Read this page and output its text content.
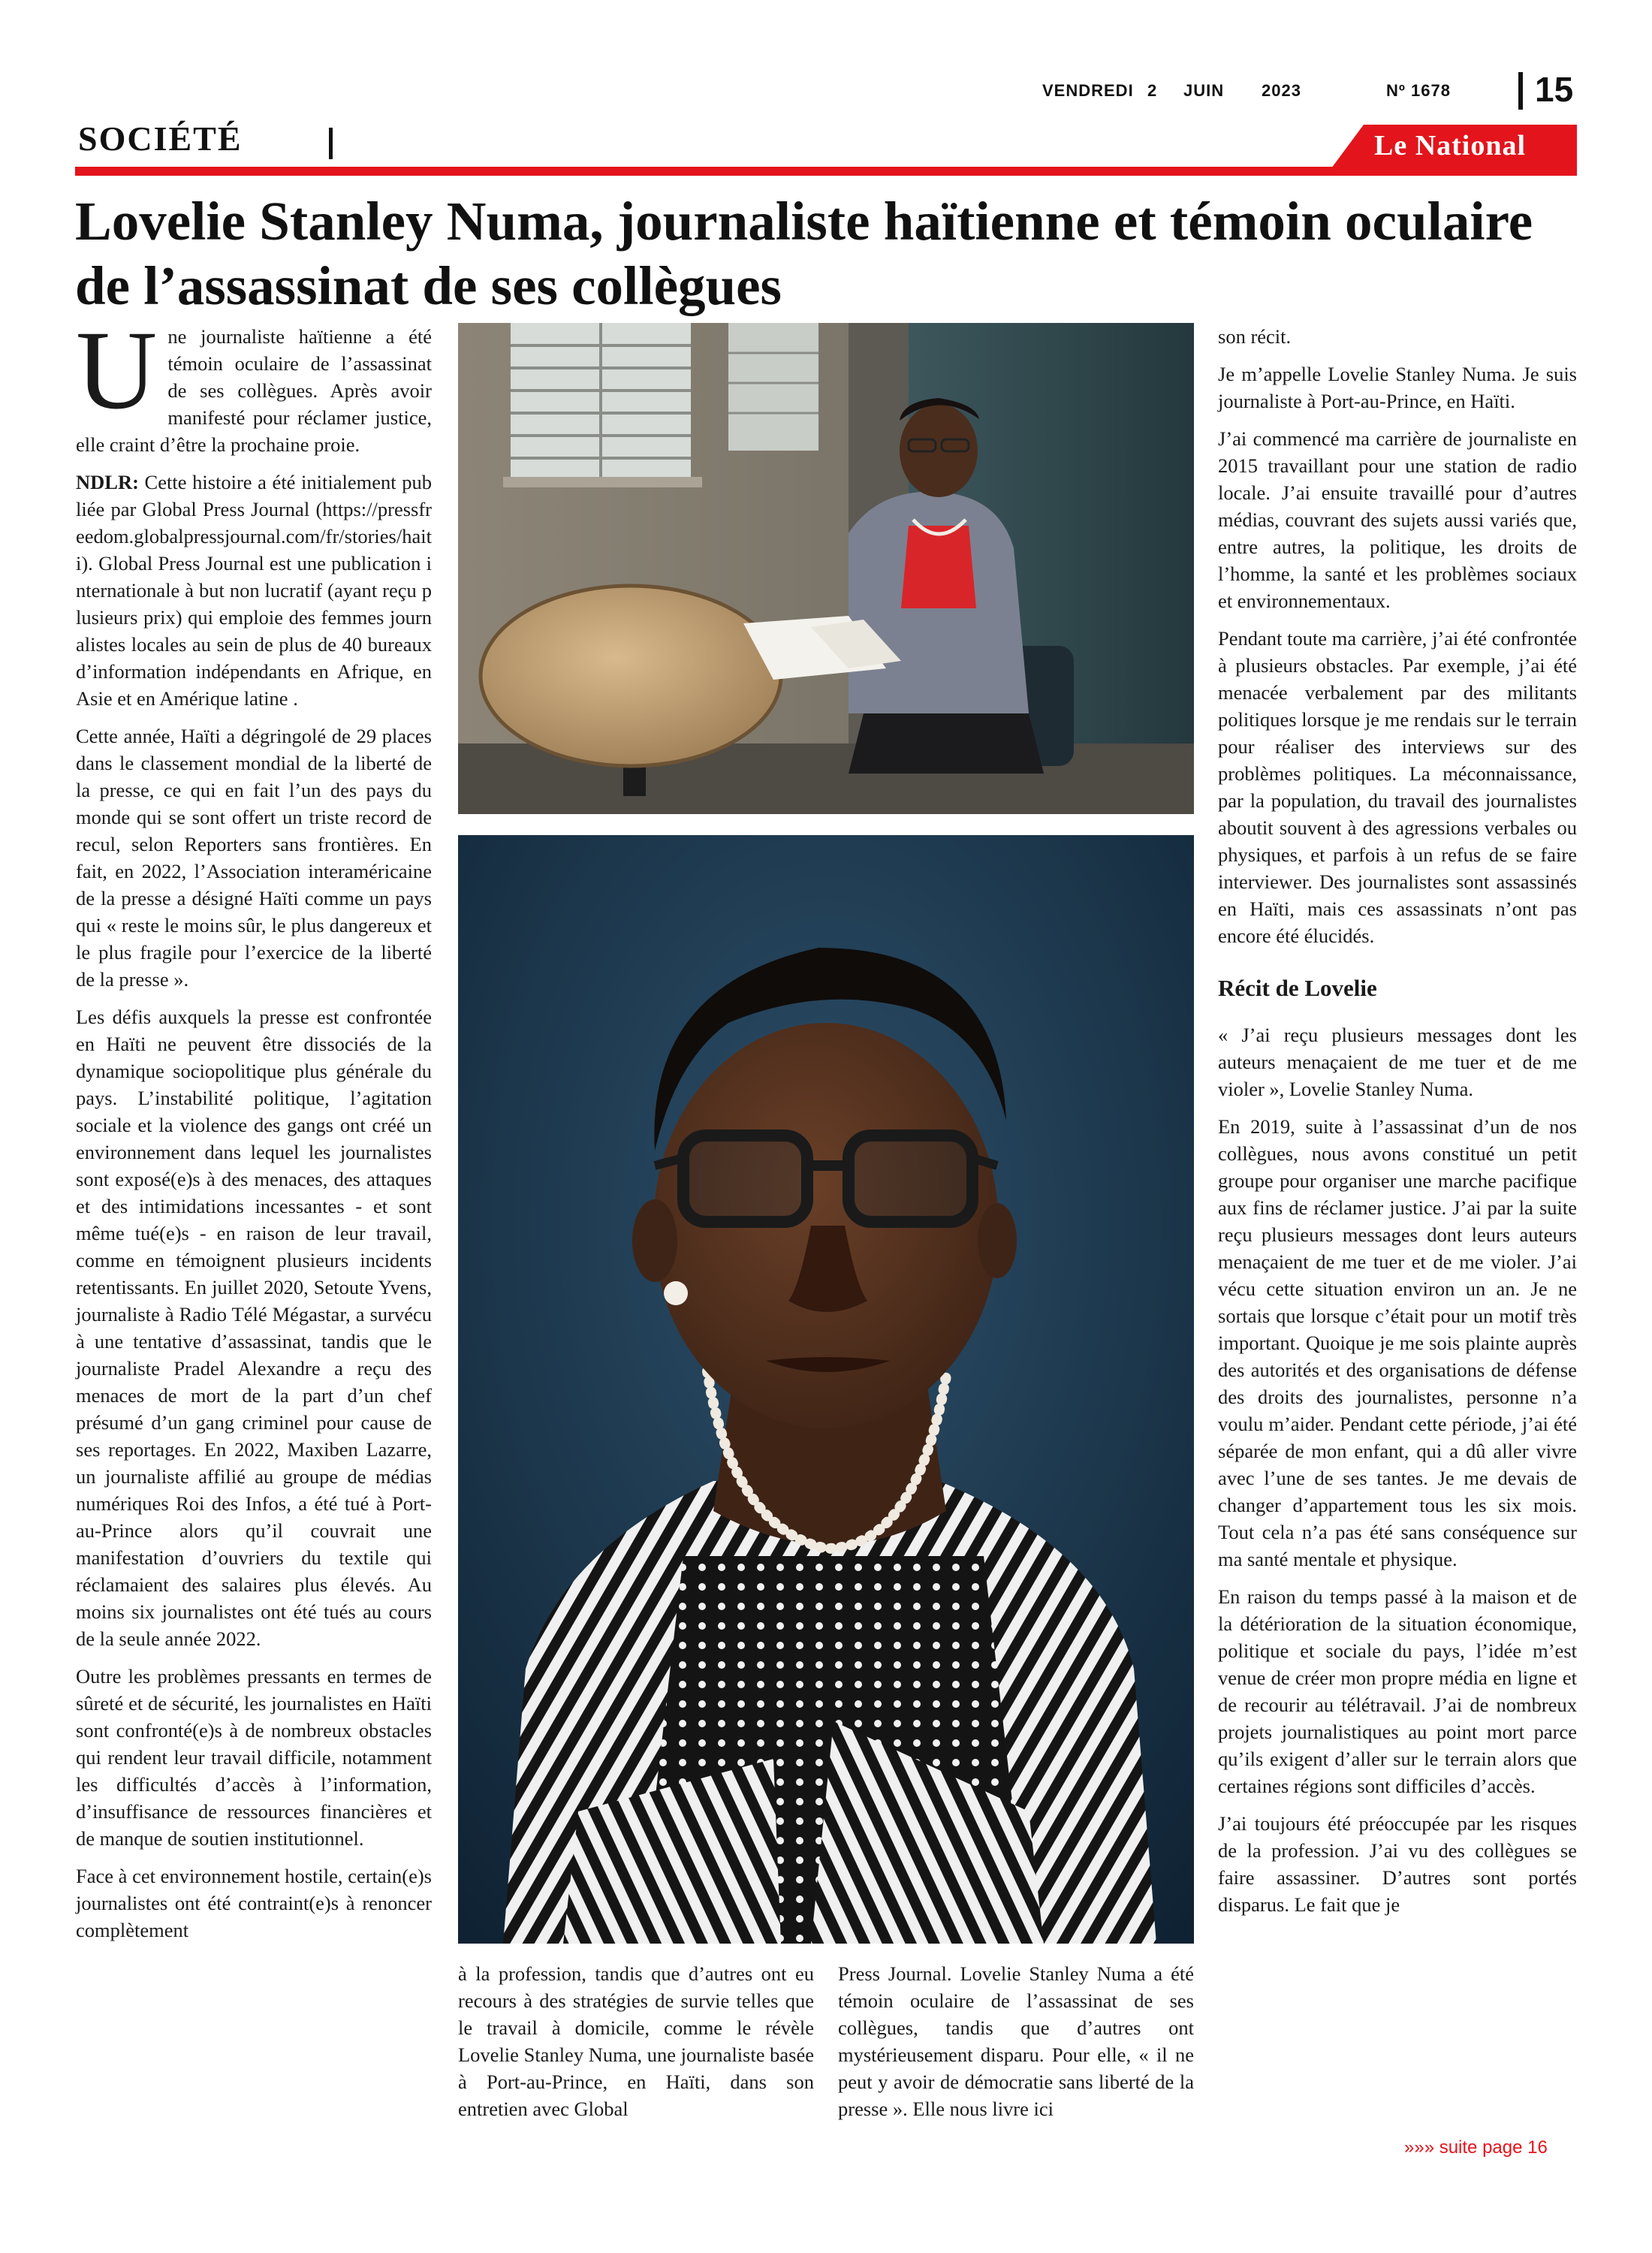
VENDREDI 2 JUIN 2023	Nº 1678 15
SOCIÉTÉ	Le National
Lovelie Stanley Numa, journaliste haïtienne et témoin oculaire de l’assassinat de ses collègues

U ne journaliste haïtienne a été témoin oculaire de l’assassinat de ses collègues. Après avoir manifesté pour réclamer justice, elle craint d’être la prochaine proie.

NDLR: Cette histoire a été initialement publiée par Global Press Journal (https://pressfreedom.globalpressjournal.com/fr/stories/haiti). Global Press Journal est une publication internationale à but non lucratif (ayant reçu plusieurs prix) qui emploie des femmes journalistes locales au sein de plus de 40 bureaux d’information indépendants en Afrique, en Asie et en Amérique latine .

Cette année, Haïti a dégringolé de 29 places dans le classement mondial de la liberté de la presse, ce qui en fait l’un des pays du monde qui se sont offert un triste record de recul, selon Reporters sans frontières. En fait, en 2022, l’Association interaméricaine de la presse a désigné Haïti comme un pays qui « reste le moins sûr, le plus dangereux et le plus fragile pour l’exercice de la liberté de la presse ».

Les défis auxquels la presse est confrontée en Haïti ne peuvent être dissociés de la dynamique sociopolitique plus générale du pays. L’instabilité politique, l’agitation sociale et la violence des gangs ont créé un environnement dans lequel les journalistes sont exposé(e)s à des menaces, des attaques et des intimidations incessantes - et sont même tué(e)s - en raison de leur travail, comme en témoignent plusieurs incidents retentissants. En juillet 2020, Setoute Yvens, journaliste à Radio Télé Mégastar, a survécu à une tentative d’assassinat, tandis que le journaliste Pradel Alexandre a reçu des menaces de mort de la part d’un chef présumé d’un gang criminel pour cause de ses reportages. En 2022, Maxiben Lazarre, un journaliste affilié au groupe de médias numériques Roi des Infos, a été tué à Port-au-Prince alors qu’il couvrait une manifestation d’ouvriers du textile qui réclamaient des salaires plus élevés. Au moins six journalistes ont été tués au cours de la seule année 2022.

Outre les problèmes pressants en termes de sûreté et de sécurité, les journalistes en Haïti sont confronté(e)s à de nombreux obstacles qui rendent leur travail difficile, notamment les difficultés d’accès à l’information, d’insuffisance de ressources financières et de manque de soutien institutionnel.

Face à cet environnement hostile, certain(e)s journalistes ont été contraint(e)s à renoncer complètement

à la profession, tandis que d’autres ont eu recours à des stratégies de survie telles que le travail à domicile, comme le révèle Lovelie Stanley Numa, une journaliste basée à Port-au-Prince, en Haïti, dans son entretien avec Global

Press Journal. Lovelie Stanley Numa a été témoin oculaire de l’assassinat de ses collègues, tandis que d’autres ont mystérieusement disparu. Pour elle, « il ne peut y avoir de démocratie sans liberté de la presse ». Elle nous livre ici

son récit.

Je m’appelle Lovelie Stanley Numa. Je suis journaliste à Port-au-Prince, en Haïti.

J’ai commencé ma carrière de journaliste en 2015 travaillant pour une station de radio locale. J’ai ensuite travaillé pour d’autres médias, couvrant des sujets aussi variés que, entre autres, la politique, les droits de l’homme, la santé et les problèmes sociaux et environnementaux.

Pendant toute ma carrière, j’ai été confrontée à plusieurs obstacles. Par exemple, j’ai été menacée verbalement par des militants politiques lorsque je me rendais sur le terrain pour réaliser des interviews sur des problèmes politiques. La méconnaissance, par la population, du travail des journalistes aboutit souvent à des agressions verbales ou physiques, et parfois à un refus de se faire interviewer. Des journalistes sont assassinés en Haïti, mais ces assassinats n’ont pas encore été élucidés.

Récit de Lovelie

« J’ai reçu plusieurs messages dont les auteurs menaçaient de me tuer et de me violer », Lovelie Stanley Numa.

En 2019, suite à l’assassinat d’un de nos collègues, nous avons constitué un petit groupe pour organiser une marche pacifique aux fins de réclamer justice. J’ai par la suite reçu plusieurs messages dont leurs auteurs menaçaient de me tuer et de me violer. J’ai vécu cette situation environ un an. Je ne sortais que lorsque c’était pour un motif très important. Quoique je me sois plainte auprès des autorités et des organisations de défense des droits des journalistes, personne n’a voulu m’aider. Pendant cette période, j’ai été séparée de mon enfant, qui a dû aller vivre avec l’une de ses tantes. Je me devais de changer d’appartement tous les six mois. Tout cela n’a pas été sans conséquence sur ma santé mentale et physique.

En raison du temps passé à la maison et de la détérioration de la situation économique, politique et sociale du pays, l’idée m’est venue de créer mon propre média en ligne et de recourir au télétravail. J’ai de nombreux projets journalistiques au point mort parce qu’ils exigent d’aller sur le terrain alors que certaines régions sont difficiles d’accès.

J’ai toujours été préoccupée par les risques de la profession. J’ai vu des collègues se faire assassiner. D’autres sont portés disparus. Le fait que je

»»» suite page 16
